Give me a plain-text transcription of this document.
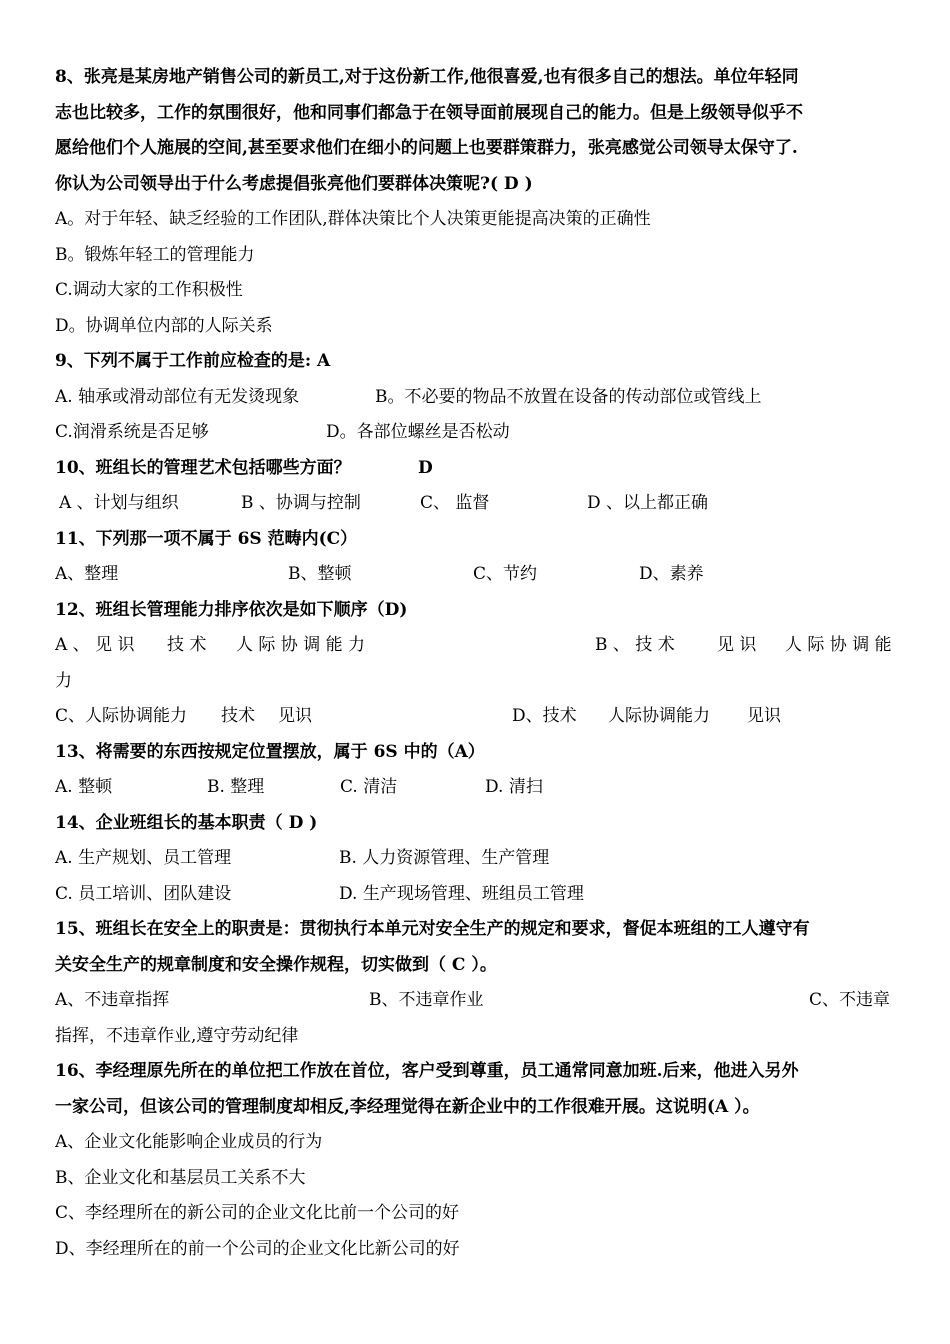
8、张亮是某房地产销售公司的新员工,对于这份新工作,他很喜爱,也有很多自己的想法。单位年轻同
志也比较多，工作的氛围很好，他和同事们都急于在领导面前展现自己的能力。但是上级领导似乎不
愿给他们个人施展的空间,甚至要求他们在细小的问题上也要群策群力，张亮感觉公司领导太保守了.
你认为公司领导出于什么考虑提倡张亮他们要群体决策呢?( D )
A。对于年轻、缺乏经验的工作团队,群体决策比个人决策更能提高决策的正确性
B。锻炼年轻工的管理能力
C.调动大家的工作积极性
D。协调单位内部的人际关系
9、下列不属于工作前应检查的是: A
A. 轴承或滑动部位有无发烫现象	B。不必要的物品不放置在设备的传动部位或管线上
C.润滑系统是否足够	D。各部位螺丝是否松动
10、班组长的管理艺术包括哪些方面？	D
A 、计划与组织	B 、协调与控制	C、 监督	D 、以上都正确
11、下列那一项不属于 6S 范畴内(C）
A、整理	B、整顿	C、节约	D、素养
12、班组长管理能力排序依次是如下顺序（D)
A 、 见 识 技 术 人 际 协 调 能 力	B 、 技 术 见 识 人 际 协 调 能
力
C、人际协调能力 技术 见识	D、技术 人际协调能力 见识
13、将需要的东西按规定位置摆放，属于 6S 中的（A）
A. 整顿	B. 整理	C. 清洁	D. 清扫
14、企业班组长的基本职责（ D )
A. 生产规划、员工管理	B. 人力资源管理、生产管理
C. 员工培训、团队建设	D. 生产现场管理、班组员工管理
15、班组长在安全上的职责是：贯彻执行本单元对安全生产的规定和要求，督促本班组的工人遵守有
关安全生产的规章制度和安全操作规程，切实做到（ C ）。
A、不违章指挥	B、不违章作业	C、不违章
指挥，不违章作业,遵守劳动纪律
16、李经理原先所在的单位把工作放在首位，客户受到尊重，员工通常同意加班.后来，他进入另外
一家公司，但该公司的管理制度却相反,李经理觉得在新企业中的工作很难开展。这说明(A ）。
A、企业文化能影响企业成员的行为
B、企业文化和基层员工关系不大
C、李经理所在的新公司的企业文化比前一个公司的好
D、李经理所在的前一个公司的企业文化比新公司的好
